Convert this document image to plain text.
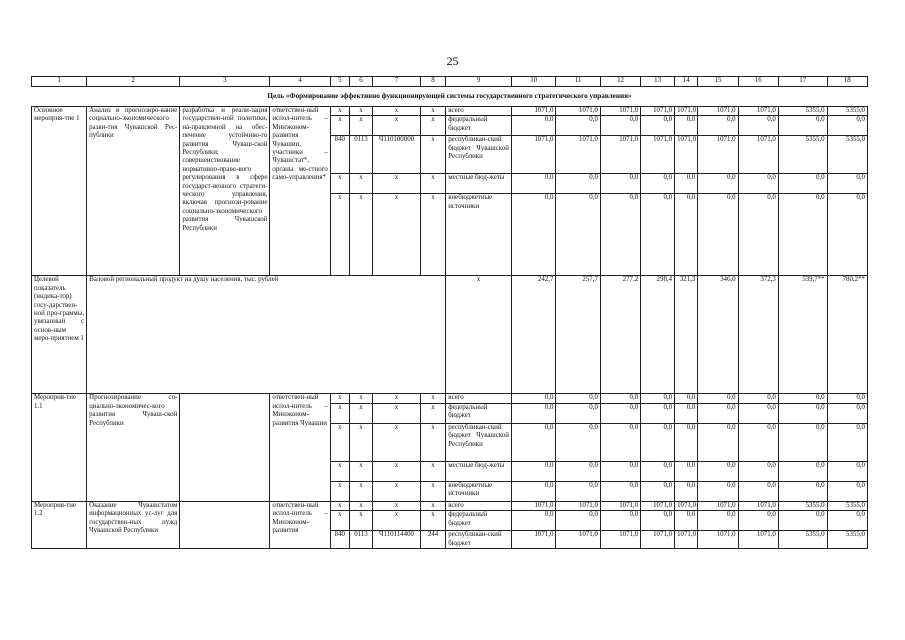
25
1	2	3	4	5	6	7	8	9	10	11	12	13	14	15	16	17	18
Цель «Формирование эффективно функционирующей системы государственного стратегического управления»																	
Основное мероприя-тие 1	Анализ и прогнозиро-вание социально-экономического разви-тия Чувашской Рес-публики	разработка и реали-зация государствен-ной политики, на-правленной на обес-печение устойчиво-го развития Чуваш-ской Республики; совершенствование нормативно-право-вого регулирования в сфере государст-венного стратеги-ческого управления, включая прогнози-рование социально-экономического развития Чувашской Республики	ответствен-ный испол-нитель – Минэконом-развития Чувашии, участники – Чувашстат*, органы ме-стного само-управления*	x	x	x	x	всего	1071,0	1071,0	1071,0	1071,0	1071,0	1071,0	1071,0	5355,0	5355,0
				x	x	x	x	федеральный бюджет	0,0	0,0	0,0	0,0	0,0	0,0	0,0	0,0	0,0
				840	0113	Ч110100000	x	республикан-ский бюджет Чувашской Республики	1071,0	1071,0	1071,0	1071,0	1071,0	1071,0	1071,0	5355,0	5355,0
				x	x	x	x	местные бюд-жеты	0,0	0,0	0,0	0,0	0,0	0,0	0,0	0,0	0,0
				x	x	x	x	внебюджетные источники	0,0	0,0	0,0	0,0	0,0	0,0	0,0	0,0	0,0
Целевой показатель (индика-тор) госу-дарствен-ной про-граммы, увязанный с основ-ным меро-приятием 1	Валовой региональный продукт на душу населения, тыс. рублей							x	242,7	257,7	277,2	298,4	321,3	346,0	372,3	539,7**	780,2**
Мероприя-тие 1.1	Прогнозирование со-циально-экономичес-кого развития Чуваш-ской Республики		ответствен-ный испол-нитель – Минэконом-развития Чувашии	x	x	x	x	всего	0,0	0,0	0,0	0,0	0,0	0,0	0,0	0,0	0,0
				x	x	x	x	федеральный бюджет	0,0	0,0	0,0	0,0	0,0	0,0	0,0	0,0	0,0
				x	x	x	x	республикан-ский бюджет Чувашской Республики	0,0	0,0	0,0	0,0	0,0	0,0	0,0	0,0	0,0
				x	x	x	x	местные бюд-жеты	0,0	0,0	0,0	0,0	0,0	0,0	0,0	0,0	0,0
				x	x	x	x	внебюджетные источники	0,0	0,0	0,0	0,0	0,0	0,0	0,0	0,0	0,0
Мероприя-тие 1.2	Оказание Чувашстатом информационных ус-луг для государствен-ных нужд Чувашской Республики		ответствен-ный испол-нитель – Минэконом-развития	x	x	x	x	всего	1071,0	1071,0	1071,0	1071,0	1071,0	1071,0	1071,0	5355,0	5355,0
				x	x	x	x	федеральный бюджет	0,0	0,0	0,0	0,0	0,0	0,0	0,0	0,0	0,0
				840	0113	Ч110114400	244	республикан-ский бюджет	1071,0	1071,0	1071,0	1071,0	1071,0	1071,0	1071,0	5355,0	5355,0
